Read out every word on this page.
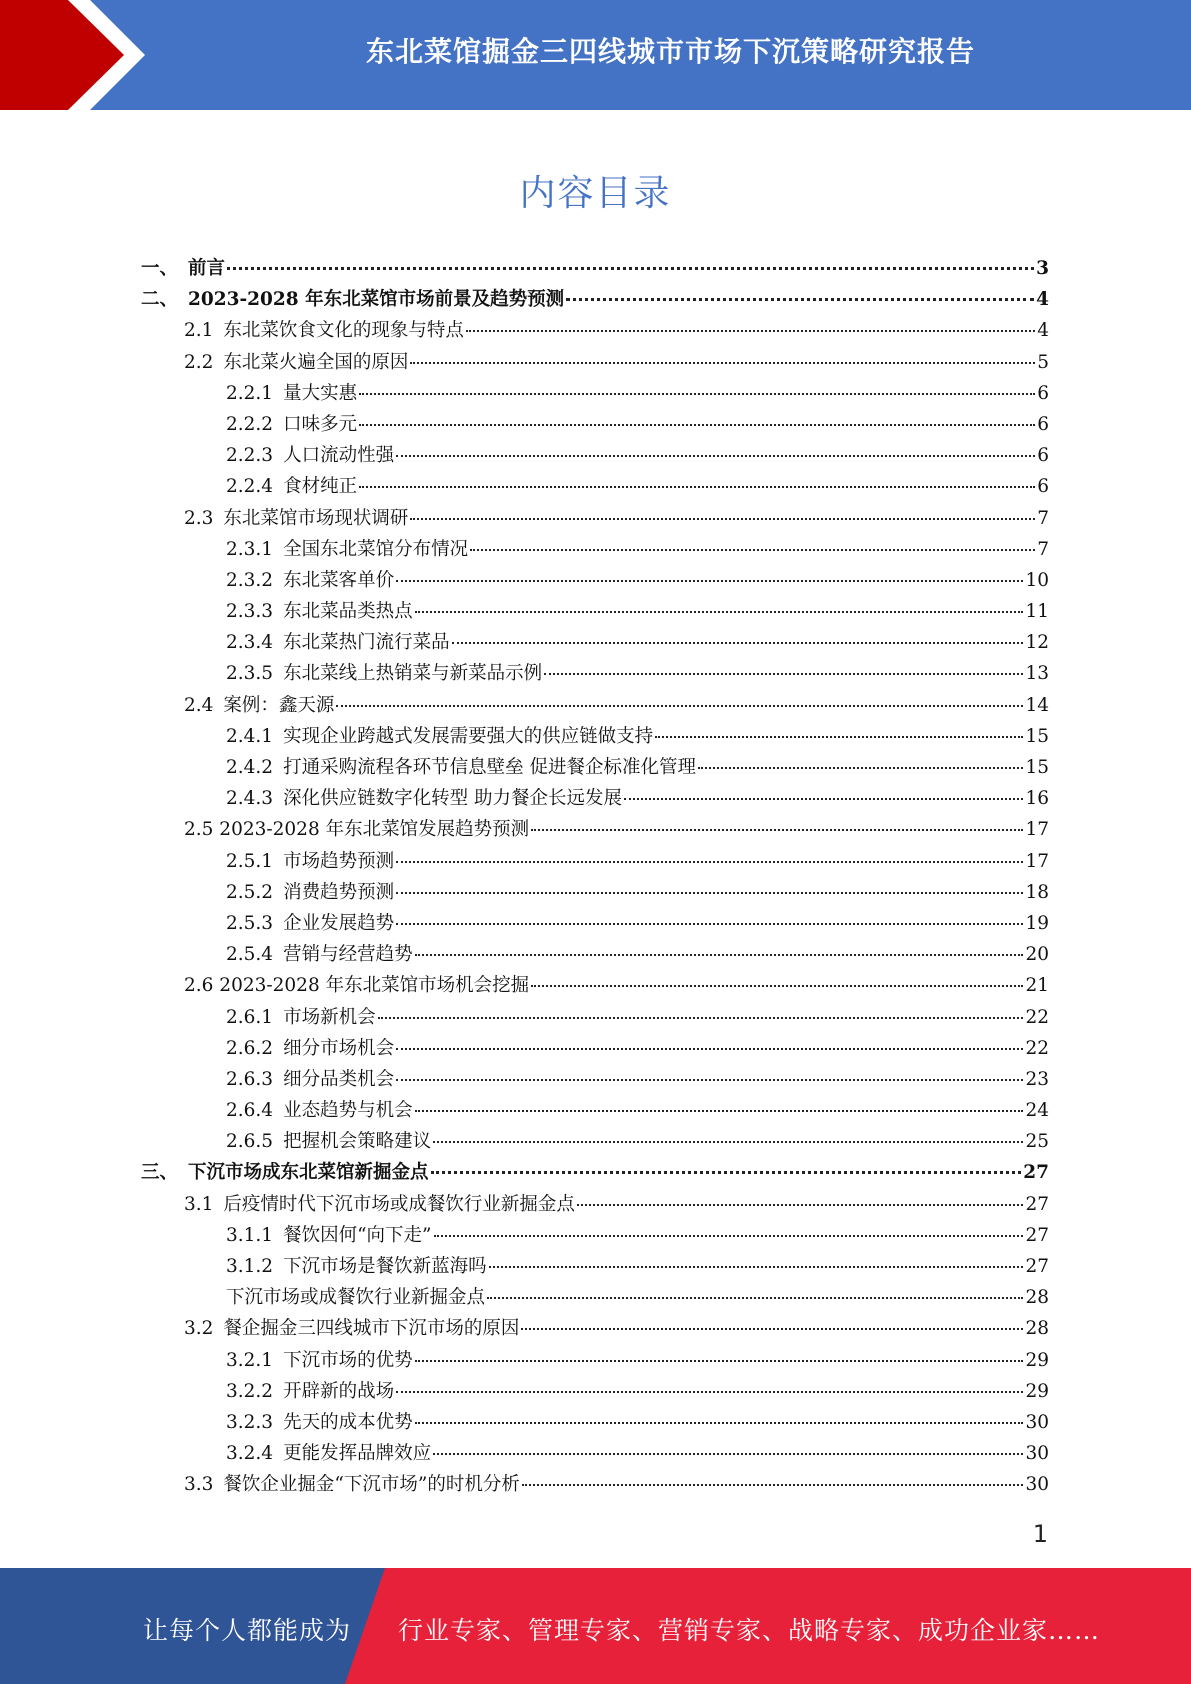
东北菜馆掘金三四线城市市场下沉策略研究报告
内容目录
一、 前言	3
二、 2023-2028 年东北菜馆市场前景及趋势预测	4
2.1 东北菜饮食文化的现象与特点	4
2.2 东北菜火遍全国的原因	5
2.2.1 量大实惠	6
2.2.2 口味多元	6
2.2.3 人口流动性强	6
2.2.4 食材纯正	6
2.3 东北菜馆市场现状调研	7
2.3.1 全国东北菜馆分布情况	7
2.3.2 东北菜客单价	10
2.3.3 东北菜品类热点	11
2.3.4 东北菜热门流行菜品	12
2.3.5 东北菜线上热销菜与新菜品示例	13
2.4 案例：鑫天源	14
2.4.1 实现企业跨越式发展需要强大的供应链做支持	15
2.4.2 打通采购流程各环节信息壁垒 促进餐企标准化管理	15
2.4.3 深化供应链数字化转型 助力餐企长远发展	16
2.5 2023-2028 年东北菜馆发展趋势预测	17
2.5.1 市场趋势预测	17
2.5.2 消费趋势预测	18
2.5.3 企业发展趋势	19
2.5.4 营销与经营趋势	20
2.6 2023-2028 年东北菜馆市场机会挖掘	21
2.6.1 市场新机会	22
2.6.2 细分市场机会	22
2.6.3 细分品类机会	23
2.6.4 业态趋势与机会	24
2.6.5 把握机会策略建议	25
三、 下沉市场成东北菜馆新掘金点	27
3.1 后疫情时代下沉市场或成餐饮行业新掘金点	27
3.1.1 餐饮因何“向下走”	27
3.1.2 下沉市场是餐饮新蓝海吗	27
下沉市场或成餐饮行业新掘金点	28
3.2 餐企掘金三四线城市下沉市场的原因	28
3.2.1 下沉市场的优势	29
3.2.2 开辟新的战场	29
3.2.3 先天的成本优势	30
3.2.4 更能发挥品牌效应	30
3.3 餐饮企业掘金“下沉市场”的时机分析	30
1
让每个人都能成为 行业专家、管理专家、营销专家、战略专家、成功企业家……
